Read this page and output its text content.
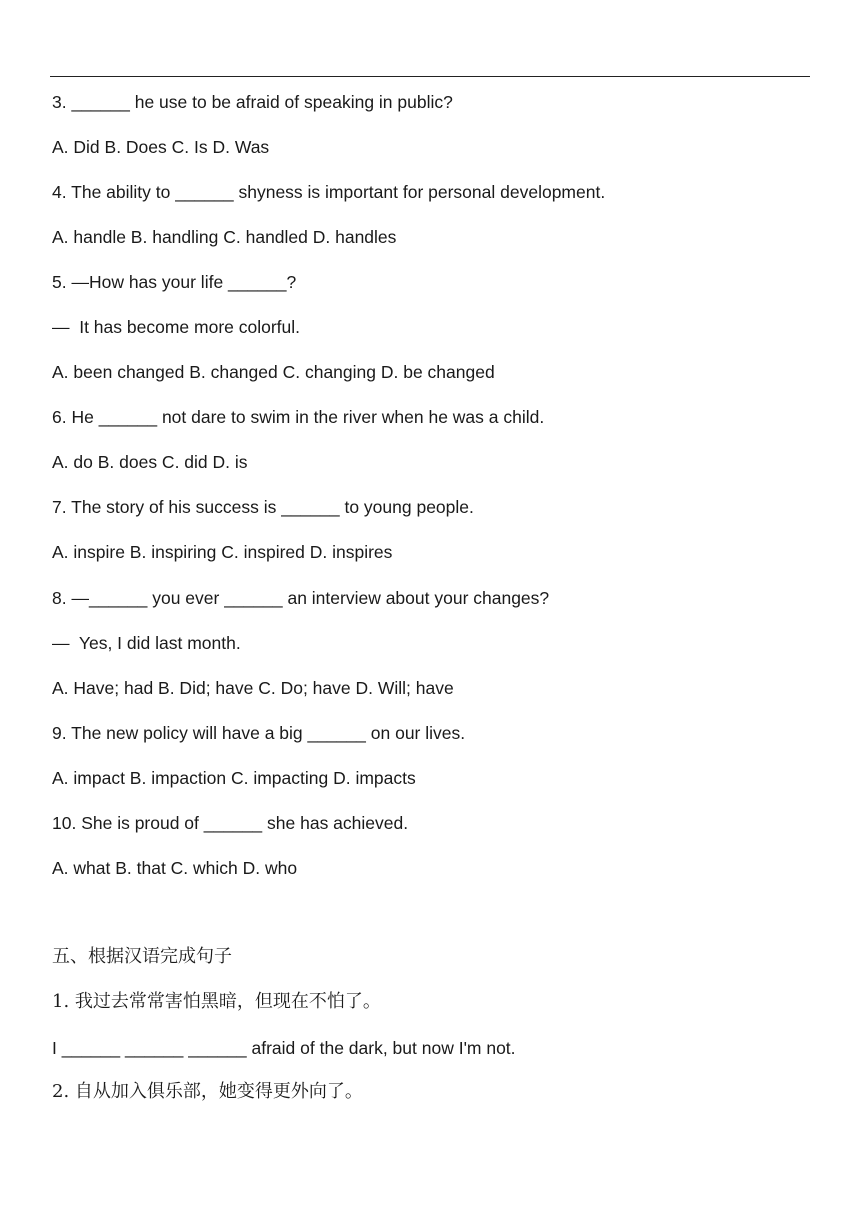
3. ______ he use to be afraid of speaking in public?
A. Did B. Does C. Is D. Was
4. The ability to ______ shyness is important for personal development.
A. handle B. handling C. handled D. handles
5. —How has your life ______?
—  It has become more colorful.
A. been changed B. changed C. changing D. be changed
6. He ______ not dare to swim in the river when he was a child.
A. do B. does C. did D. is
7. The story of his success is ______ to young people.
A. inspire B. inspiring C. inspired D. inspires
8. —______ you ever ______ an interview about your changes?
—  Yes, I did last month.
A. Have; had B. Did; have C. Do; have D. Will; have
9. The new policy will have a big ______ on our lives.
A. impact B. impaction C. impacting D. impacts
10. She is proud of ______ she has achieved.
A. what B. that C. which D. who
五、根据汉语完成句子
1. 我过去常常害怕黑暗，但现在不怕了。
I ______ ______ ______ afraid of the dark, but now I'm not.
2. 自从加入俱乐部，她变得更外向了。
